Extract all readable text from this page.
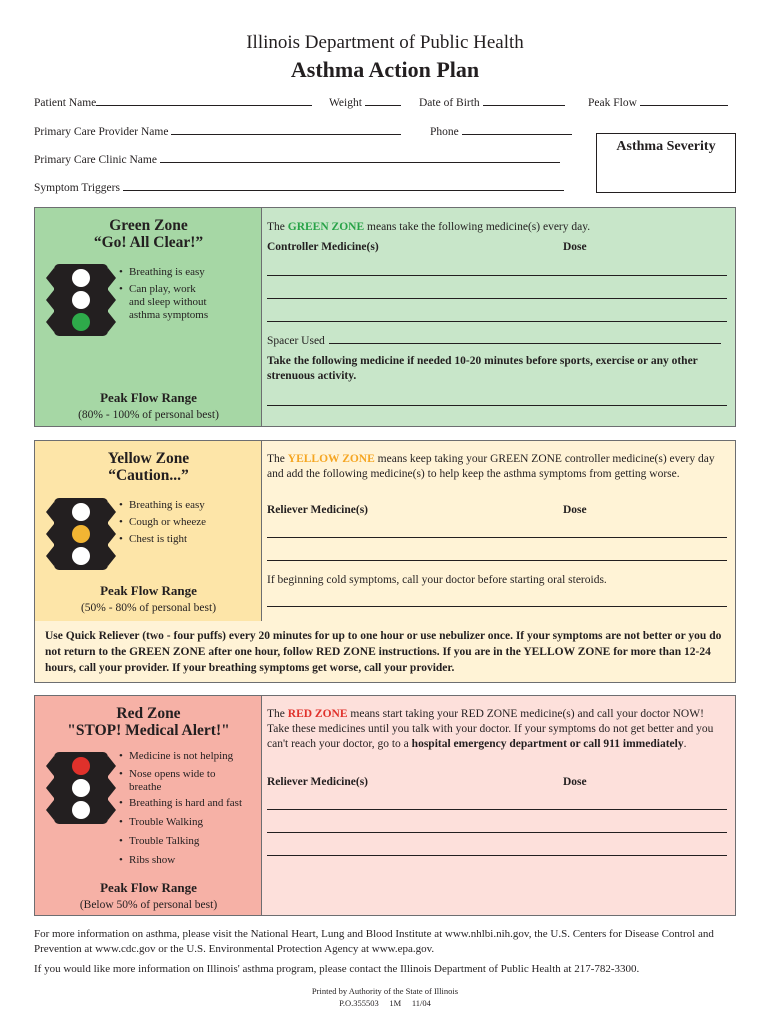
Illinois Department of Public Health
Asthma Action Plan
Patient Name	Weight	Date of Birth	Peak Flow
Primary Care Provider Name	Phone
Primary Care Clinic Name
Symptom Triggers
Asthma Severity
Green Zone
“Go! All Clear!”
• Breathing is easy
• Can play, work
and sleep without
asthma symptoms
Peak Flow Range
(80% - 100% of personal best)
The GREEN ZONE means take the following medicine(s) every day.
Controller Medicine(s)	Dose
Spacer Used
Take the following medicine if needed 10-20 minutes before sports, exercise or any other strenuous activity.
Yellow Zone
“Caution...”
• Breathing is easy
• Cough or wheeze
• Chest is tight
Peak Flow Range
(50% - 80% of personal best)
The YELLOW ZONE means keep taking your GREEN ZONE controller medicine(s) every day and add the following medicine(s) to help keep the asthma symptoms from getting worse.
Reliever Medicine(s)	Dose
If beginning cold symptoms, call your doctor before starting oral steroids.
Use Quick Reliever (two - four puffs) every 20 minutes for up to one hour or use nebulizer once. If your symptoms are not better or you do not return to the GREEN ZONE after one hour, follow RED ZONE instructions. If you are in the YELLOW ZONE for more than 12-24 hours, call your provider. If your breathing symptoms get worse, call your provider.
Red Zone
"STOP! Medical Alert!"
• Medicine is not helping
• Nose opens wide to
breathe
• Breathing is hard and fast
• Trouble Walking
• Trouble Talking
• Ribs show
Peak Flow Range
(Below 50% of personal best)
The RED ZONE means start taking your RED ZONE medicine(s) and call your doctor NOW! Take these medicines until you talk with your doctor. If your symptoms do not get better and you can't reach your doctor, go to a hospital emergency department or call 911 immediately.
Reliever Medicine(s)	Dose
For more information on asthma, please visit the National Heart, Lung and Blood Institute at www.nhlbi.nih.gov, the U.S. Centers for Disease Control and Prevention at www.cdc.gov or the U.S. Environmental Protection Agency at www.epa.gov.
If you would like more information on Illinois' asthma program, please contact the Illinois Department of Public Health at 217-782-3300.
Printed by Authority of the State of Illinois
P.O.355503     1M     11/04
